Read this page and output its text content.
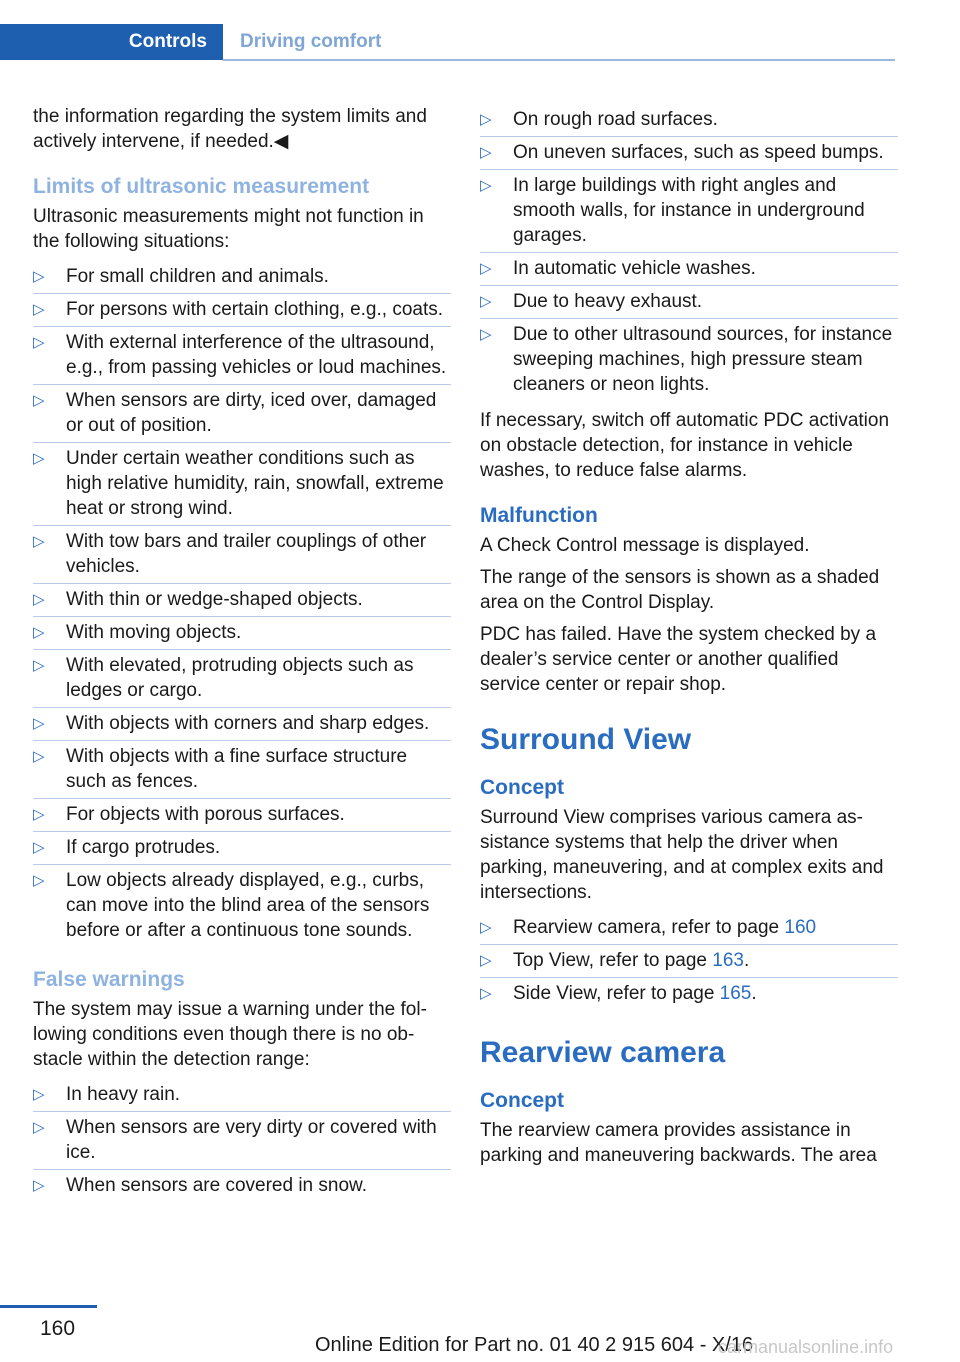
Controls Driving comfort

the information regarding the system limits and actively intervene, if needed.◀

Limits of ultrasonic measurement

Ultrasonic measurements might not function in the following situations:

▷ For small children and animals.
▷ For persons with certain clothing, e.g., coats.
▷ With external interference of the ultrasound, e.g., from passing vehicles or loud machines.
▷ When sensors are dirty, iced over, damaged or out of position.
▷ Under certain weather conditions such as high relative humidity, rain, snowfall, extreme heat or strong wind.
▷ With tow bars and trailer couplings of other vehicles.
▷ With thin or wedge-shaped objects.
▷ With moving objects.
▷ With elevated, protruding objects such as ledges or cargo.
▷ With objects with corners and sharp edges.
▷ With objects with a fine surface structure such as fences.
▷ For objects with porous surfaces.
▷ If cargo protrudes.
▷ Low objects already displayed, e.g., curbs, can move into the blind area of the sensors before or after a continuous tone sounds.
False warnings

The system may issue a warning under the following conditions even though there is no obstacle within the detection range:

▷ In heavy rain.
▷ When sensors are very dirty or covered with ice.
▷ When sensors are covered in snow.
▷ On rough road surfaces.
▷ On uneven surfaces, such as speed bumps.
▷ In large buildings with right angles and smooth walls, for instance in underground garages.
▷ In automatic vehicle washes.
▷ Due to heavy exhaust.
▷ Due to other ultrasound sources, for instance sweeping machines, high pressure steam cleaners or neon lights.

If necessary, switch off automatic PDC activation on obstacle detection, for instance in vehicle washes, to reduce false alarms.

Malfunction

A Check Control message is displayed.

The range of the sensors is shown as a shaded area on the Control Display.

PDC has failed. Have the system checked by a dealer’s service center or another qualified service center or repair shop.

Surround View
Concept

Surround View comprises various camera assistance systems that help the driver when parking, maneuvering, and at complex exits and intersections.

▷ Rearview camera, refer to page 160
▷ Top View, refer to page 163.
▷ Side View, refer to page 165.
Rearview camera
Concept

The rearview camera provides assistance in parking and maneuvering backwards. The area

160
Online Edition for Part no. 01 40 2 915 604 - X/16
carmanualsonline.info
